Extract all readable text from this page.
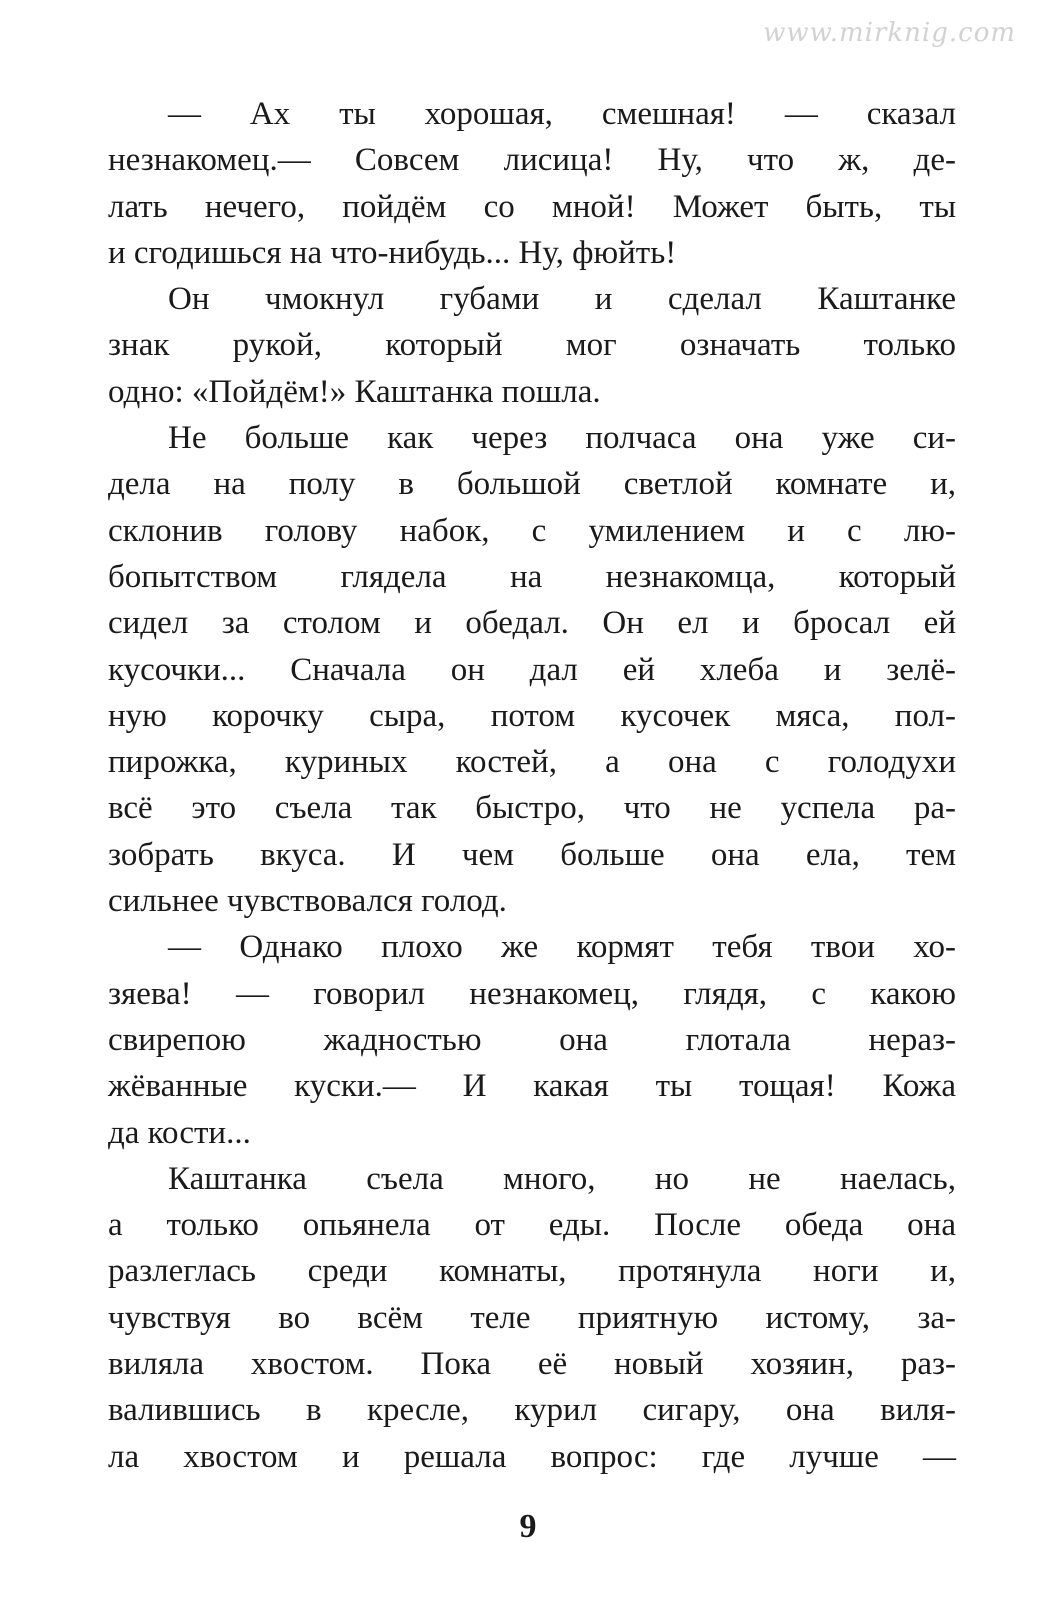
www.mirknig.com
— Ах ты хорошая, смешная! — сказал
незнакомец.— Совсем лисица! Ну, что ж, де-
лать нечего, пойдём со мной! Может быть, ты
и сгодишься на что-нибудь... Ну, фюйть!
Он чмокнул губами и сделал Каштанке
знак рукой, который мог означать только
одно: «Пойдём!» Каштанка пошла.
Не больше как через полчаса она уже си-
дела на полу в большой светлой комнате и,
склонив голову набок, с умилением и с лю-
бопытством глядела на незнакомца, который
сидел за столом и обедал. Он ел и бросал ей
кусочки... Сначала он дал ей хлеба и зелё-
ную корочку сыра, потом кусочек мяса, пол-
пирожка, куриных костей, а она с голодухи
всё это съела так быстро, что не успела ра-
зобрать вкуса. И чем больше она ела, тем
сильнее чувствовался голод.
— Однако плохо же кормят тебя твои хо-
зяева! — говорил незнакомец, глядя, с какою
свирепою жадностью она глотала нераз-
жёванные куски.— И какая ты тощая! Кожа
да кости...
Каштанка съела много, но не наелась,
а только опьянела от еды. После обеда она
разлеглась среди комнаты, протянула ноги и,
чувствуя во всём теле приятную истому, за-
виляла хвостом. Пока её новый хозяин, раз-
валившись в кресле, курил сигару, она виля-
ла хвостом и решала вопрос: где лучше —
9
